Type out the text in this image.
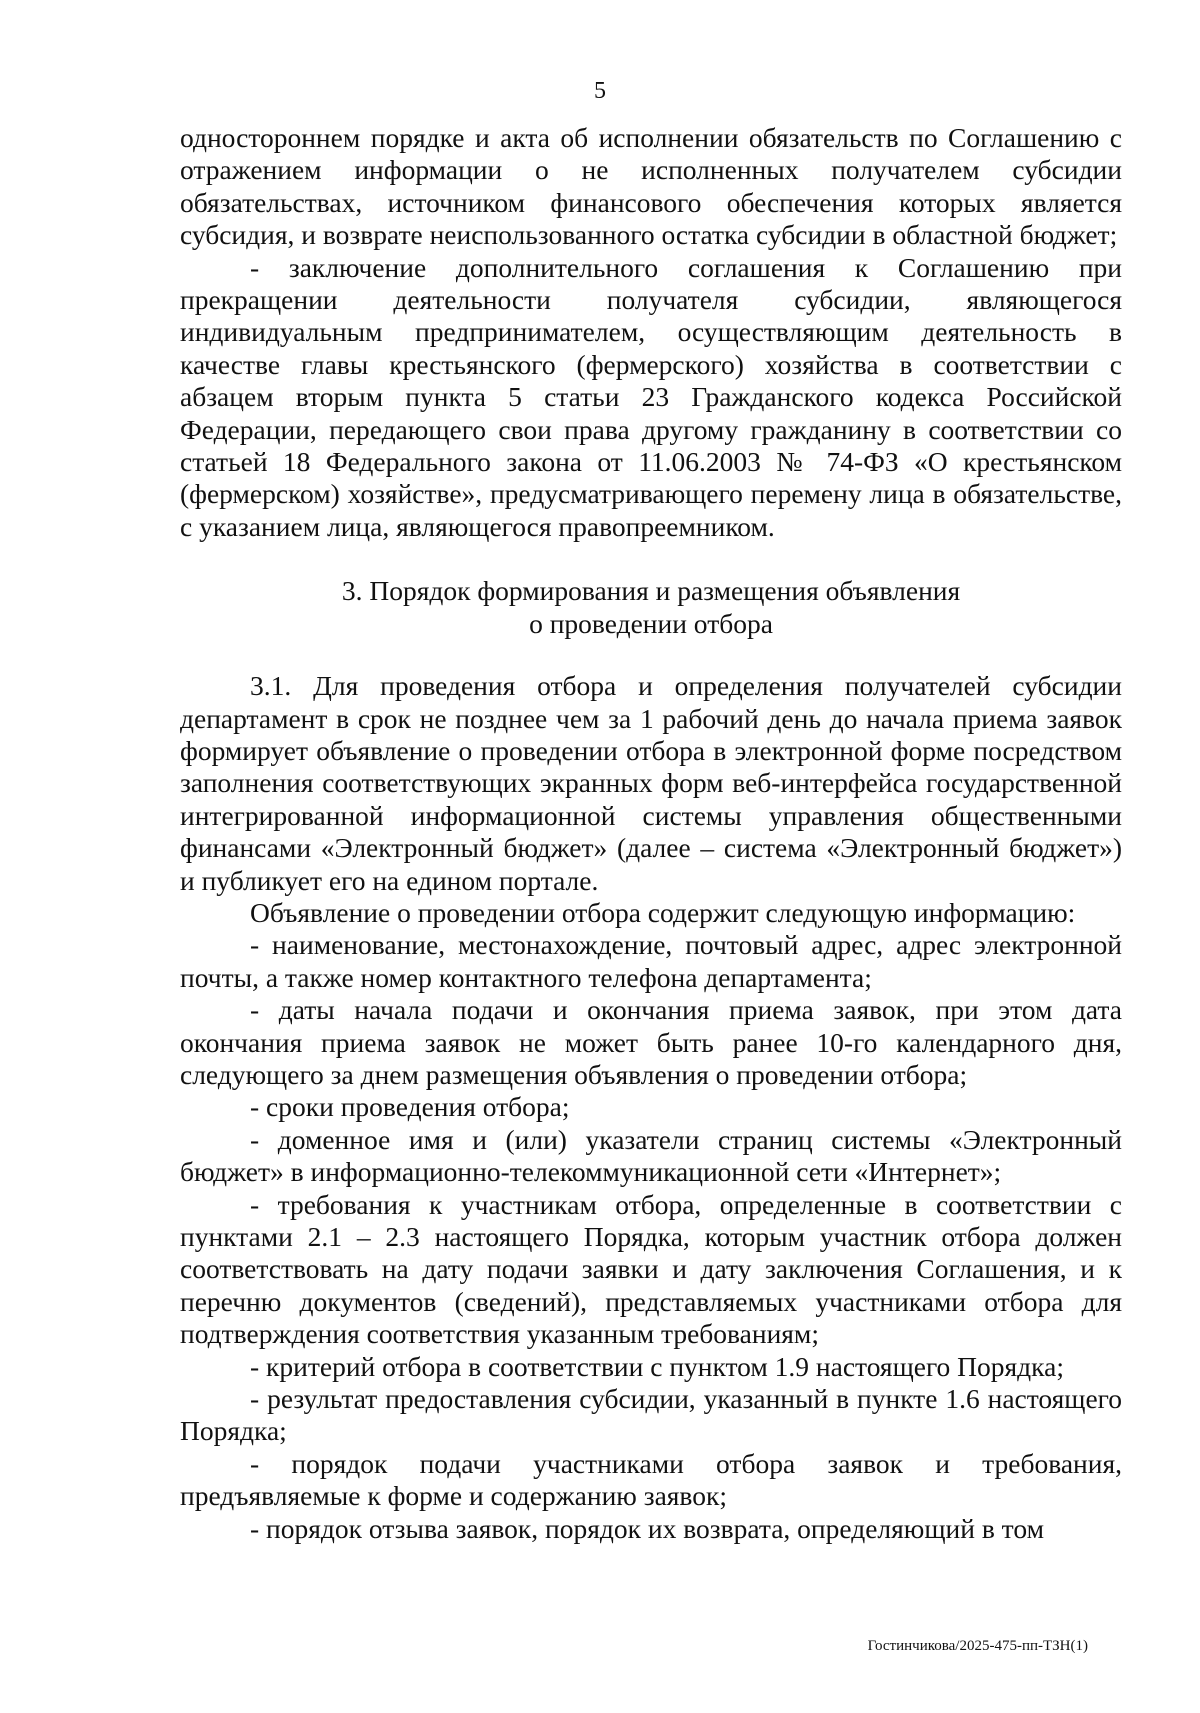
5

одностороннем порядке и акта об исполнении обязательств по Соглашению с отражением информации о не исполненных получателем субсидии обязательствах, источником финансового обеспечения которых является субсидия, и возврате неиспользованного остатка субсидии в областной бюджет;

- заключение дополнительного соглашения к Соглашению при прекращении деятельности получателя субсидии, являющегося индивидуальным предпринимателем, осуществляющим деятельность в качестве главы крестьянского (фермерского) хозяйства в соответствии с абзацем вторым пункта 5 статьи 23 Гражданского кодекса Российской Федерации, передающего свои права другому гражданину в соответствии со статьей 18 Федерального закона от 11.06.2003 № 74-ФЗ «О крестьянском (фермерском) хозяйстве», предусматривающего перемену лица в обязательстве, с указанием лица, являющегося правопреемником.

3. Порядок формирования и размещения объявления
о проведении отбора

3.1. Для проведения отбора и определения получателей субсидии департамент в срок не позднее чем за 1 рабочий день до начала приема заявок формирует объявление о проведении отбора в электронной форме посредством заполнения соответствующих экранных форм веб-интерфейса государственной интегрированной информационной системы управления общественными финансами «Электронный бюджет» (далее – система «Электронный бюджет») и публикует его на едином портале.

Объявление о проведении отбора содержит следующую информацию:

- наименование, местонахождение, почтовый адрес, адрес электронной почты, а также номер контактного телефона департамента;

- даты начала подачи и окончания приема заявок, при этом дата окончания приема заявок не может быть ранее 10-го календарного дня, следующего за днем размещения объявления о проведении отбора;

- сроки проведения отбора;

- доменное имя и (или) указатели страниц системы «Электронный бюджет» в информационно-телекоммуникационной сети «Интернет»;

- требования к участникам отбора, определенные в соответствии с пунктами 2.1 – 2.3 настоящего Порядка, которым участник отбора должен соответствовать на дату подачи заявки и дату заключения Соглашения, и к перечню документов (сведений), представляемых участниками отбора для подтверждения соответствия указанным требованиям;

- критерий отбора в соответствии с пунктом 1.9 настоящего Порядка;

- результат предоставления субсидии, указанный в пункте 1.6 настоящего Порядка;

- порядок подачи участниками отбора заявок и требования, предъявляемые к форме и содержанию заявок;

- порядок отзыва заявок, порядок их возврата, определяющий в том

Гостинчикова/2025-475-пп-ТЗН(1)
